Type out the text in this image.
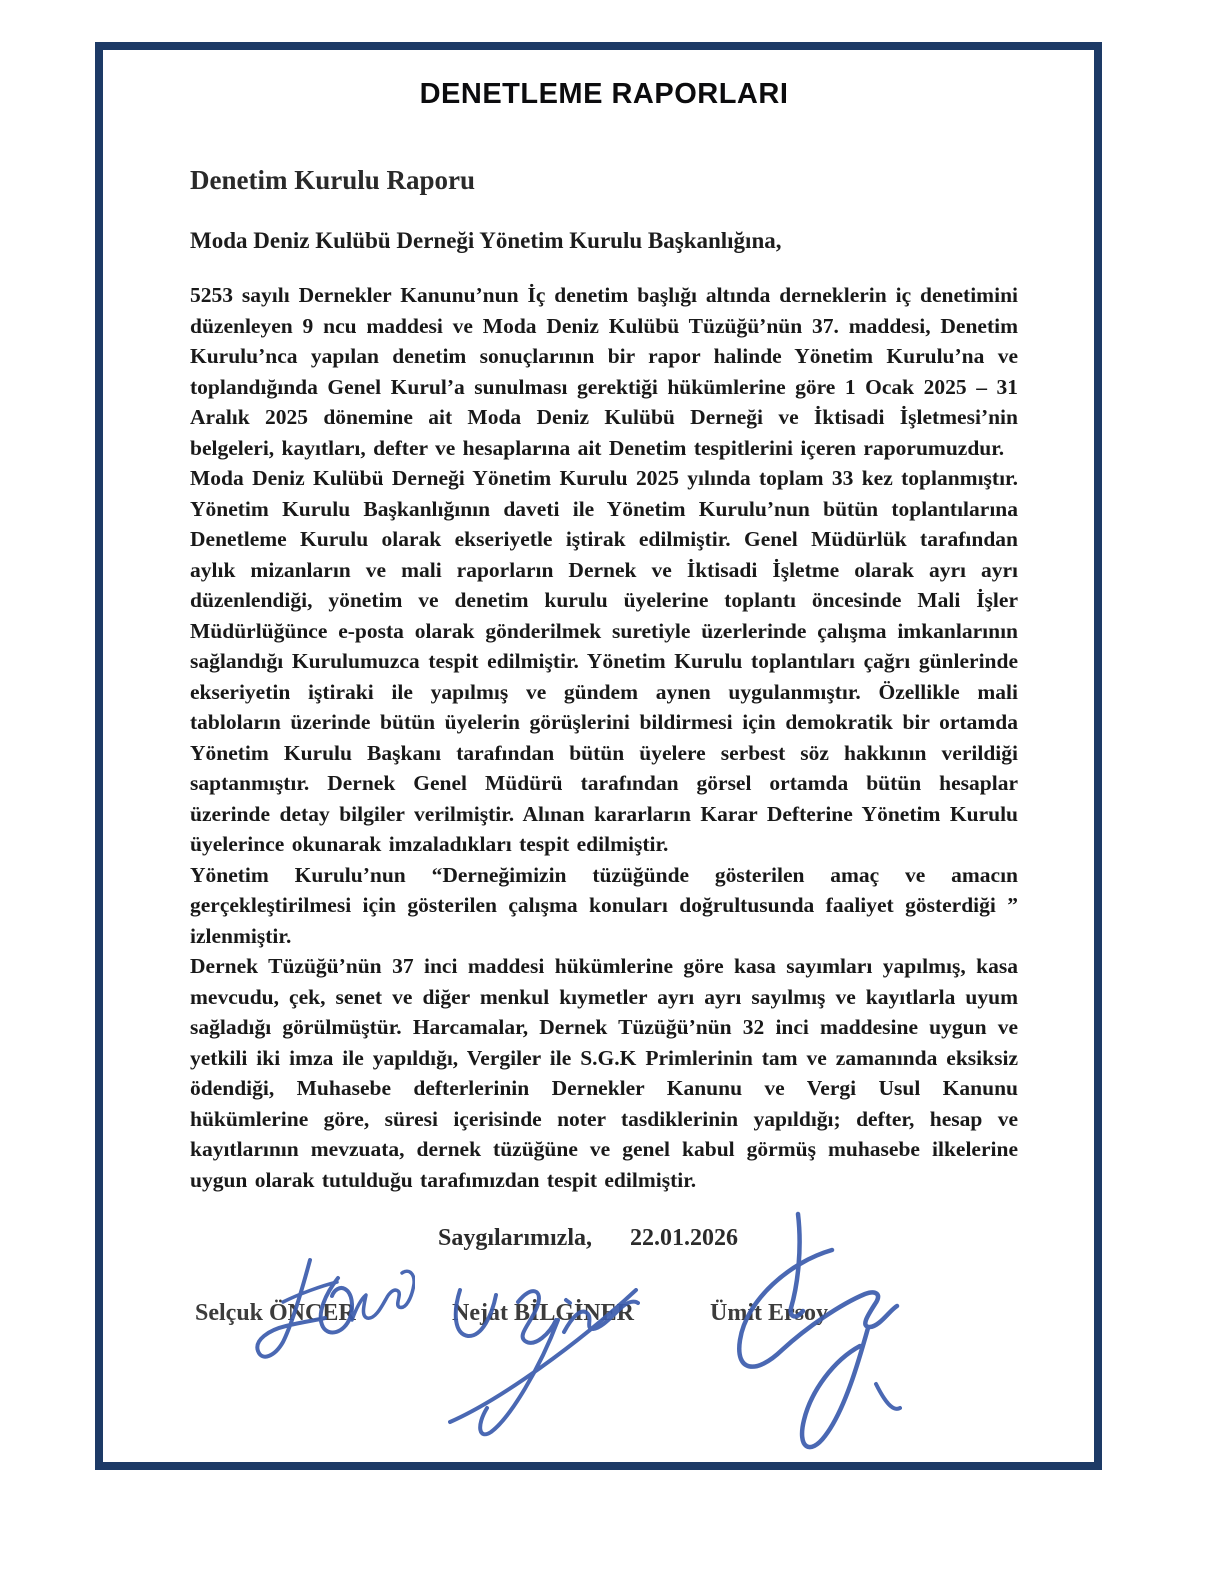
DENETLEME RAPORLARI
Denetim Kurulu Raporu

Moda Deniz Kulübü Derneği Yönetim Kurulu Başkanlığına,

5253 sayılı Dernekler Kanunu’nun İç denetim başlığı altında derneklerin iç denetimini düzenleyen 9 ncu maddesi ve Moda Deniz Kulübü Tüzüğü’nün 37. maddesi, Denetim Kurulu’nca yapılan denetim sonuçlarının bir rapor halinde Yönetim Kurulu’na ve toplandığında Genel Kurul’a sunulması gerektiği hükümlerine göre 1 Ocak 2025 – 31 Aralık 2025 dönemine ait Moda Deniz Kulübü Derneği ve İktisadi İşletmesi’nin belgeleri, kayıtları, defter ve hesaplarına ait Denetim tespitlerini içeren raporumuzdur.

Moda Deniz Kulübü Derneği Yönetim Kurulu 2025 yılında toplam 33 kez toplanmıştır. Yönetim Kurulu Başkanlığının daveti ile Yönetim Kurulu’nun bütün toplantılarına Denetleme Kurulu olarak ekseriyetle iştirak edilmiştir. Genel Müdürlük tarafından aylık mizanların ve mali raporların Dernek ve İktisadi İşletme olarak ayrı ayrı düzenlendiği, yönetim ve denetim kurulu üyelerine toplantı öncesinde Mali İşler Müdürlüğünce e-posta olarak gönderilmek suretiyle üzerlerinde çalışma imkanlarının sağlandığı Kurulumuzca tespit edilmiştir. Yönetim Kurulu toplantıları çağrı günlerinde ekseriyetin iştiraki ile yapılmış ve gündem aynen uygulanmıştır. Özellikle mali tabloların üzerinde bütün üyelerin görüşlerini bildirmesi için demokratik bir ortamda Yönetim Kurulu Başkanı tarafından bütün üyelere serbest söz hakkının verildiği saptanmıştır. Dernek Genel Müdürü tarafından görsel ortamda bütün hesaplar üzerinde detay bilgiler verilmiştir. Alınan kararların Karar Defterine Yönetim Kurulu üyelerince okunarak imzaladıkları tespit edilmiştir.

Yönetim Kurulu’nun “Derneğimizin tüzüğünde gösterilen amaç ve amacın gerçekleştirilmesi için gösterilen çalışma konuları doğrultusunda faaliyet gösterdiği ” izlenmiştir.

Dernek Tüzüğü’nün 37 inci maddesi hükümlerine göre kasa sayımları yapılmış, kasa mevcudu, çek, senet ve diğer menkul kıymetler ayrı ayrı sayılmış ve kayıtlarla uyum sağladığı görülmüştür. Harcamalar, Dernek Tüzüğü’nün 32 inci maddesine uygun ve yetkili iki imza ile yapıldığı, Vergiler ile S.G.K Primlerinin tam ve zamanında eksiksiz ödendiği, Muhasebe defterlerinin Dernekler Kanunu ve Vergi Usul Kanunu hükümlerine göre, süresi içerisinde noter tasdiklerinin yapıldığı; defter, hesap ve kayıtlarının mevzuata, dernek tüzüğüne ve genel kabul görmüş muhasebe ilkelerine uygun olarak tutulduğu tarafımızdan tespit edilmiştir.

Saygılarımızla, 22.01.2026
Selçuk ÖNCER	Nejat BİLGİNER	Ümit Ersoy
